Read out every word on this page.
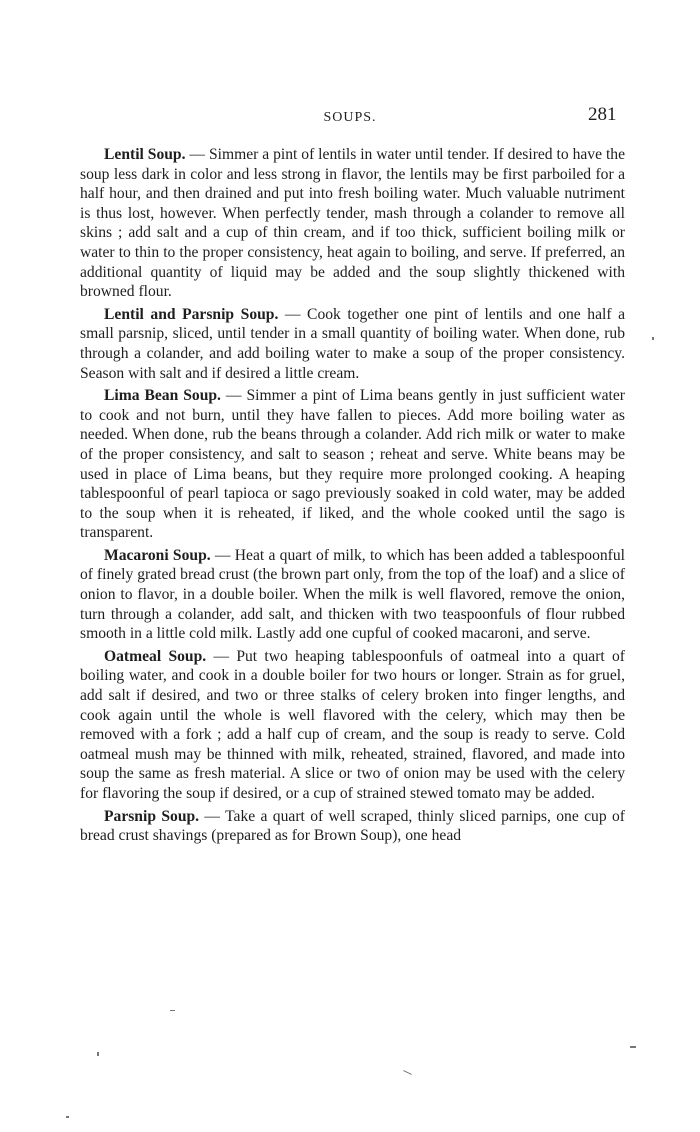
SOUPS.	281

Lentil Soup. — Simmer a pint of lentils in water until tender. If desired to have the soup less dark in color and less strong in flavor, the lentils may be first parboiled for a half hour, and then drained and put into fresh boiling water. Much valuable nutriment is thus lost, however. When perfectly tender, mash through a colander to remove all skins ; add salt and a cup of thin cream, and if too thick, sufficient boiling milk or water to thin to the proper consistency, heat again to boiling, and serve. If preferred, an additional quantity of liquid may be added and the soup slightly thickened with browned flour.

Lentil and Parsnip Soup. — Cook together one pint of lentils and one half a small parsnip, sliced, until tender in a small quantity of boiling water. When done, rub through a colander, and add boiling water to make a soup of the proper consistency. Season with salt and if desired a little cream.

Lima Bean Soup. — Simmer a pint of Lima beans gently in just sufficient water to cook and not burn, until they have fallen to pieces. Add more boiling water as needed. When done, rub the beans through a colander. Add rich milk or water to make of the proper consistency, and salt to season ; reheat and serve. White beans may be used in place of Lima beans, but they require more prolonged cooking. A heaping tablespoonful of pearl tapioca or sago previously soaked in cold water, may be added to the soup when it is reheated, if liked, and the whole cooked until the sago is transparent.

Macaroni Soup. — Heat a quart of milk, to which has been added a tablespoonful of finely grated bread crust (the brown part only, from the top of the loaf) and a slice of onion to flavor, in a double boiler. When the milk is well flavored, remove the onion, turn through a colander, add salt, and thicken with two teaspoonfuls of flour rubbed smooth in a little cold milk. Lastly add one cupful of cooked macaroni, and serve.

Oatmeal Soup. — Put two heaping tablespoonfuls of oatmeal into a quart of boiling water, and cook in a double boiler for two hours or longer. Strain as for gruel, add salt if desired, and two or three stalks of celery broken into finger lengths, and cook again until the whole is well flavored with the celery, which may then be removed with a fork ; add a half cup of cream, and the soup is ready to serve. Cold oatmeal mush may be thinned with milk, reheated, strained, flavored, and made into soup the same as fresh material. A slice or two of onion may be used with the celery for flavoring the soup if desired, or a cup of strained stewed tomato may be added.

Parsnip Soup. — Take a quart of well scraped, thinly sliced parnips, one cup of bread crust shavings (prepared as for Brown Soup), one head
